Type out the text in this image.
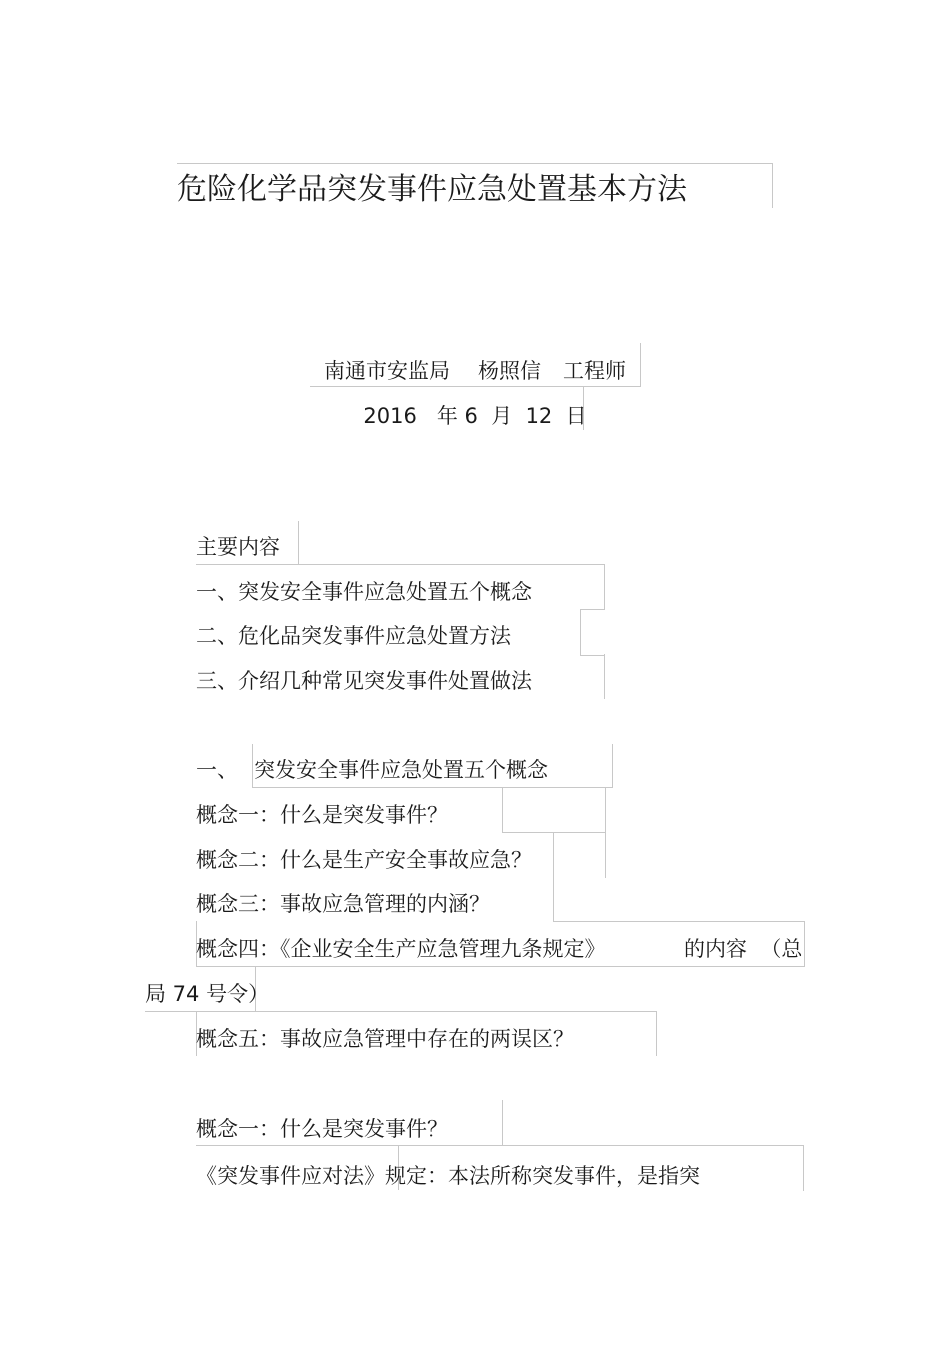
危险化学品突发事件应急处置基本方法
南通市安监局 杨照信 工程师
2016   年 6  月  12  日
主要内容
一、突发安全事件应急处置五个概念
二、危化品突发事件应急处置方法
三、介绍几种常见突发事件处置做法
一、 突发安全事件应急处置五个概念
概念一：什么是突发事件？
概念二：什么是生产安全事故应急？
概念三：事故应急管理的内涵？
概念四：《企业安全生产应急管理九条规定》	的内容  （总
局 74 号令）
概念五：事故应急管理中存在的两误区？
概念一：什么是突发事件？
《突发事件应对法》规定：本法所称突发事件，是指突
